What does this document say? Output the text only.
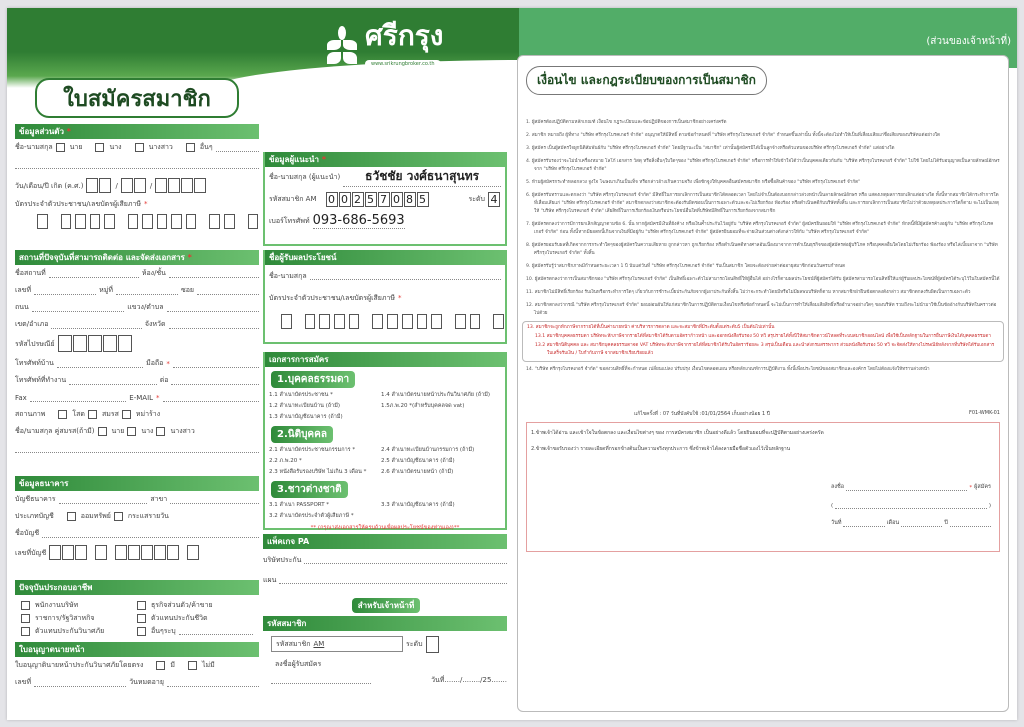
(ส่วนของเจ้าหน้าที่)
ศรีกรุง
www.srikrungbroker.co.th
ใบสมัครสมาชิก
ข้อมูลส่วนตัว *
ชื่อ-นามสกุล นาย	นาง	นางสาว	อื่นๆ
วัน/เดือน/ปี เกิด (ค.ศ.)	/	/
บัตรประจำตัวประชาชน/เลขบัตรผู้เสียภาษี *
สถานที่ปัจจุบันที่สามารถติดต่อ และจัดส่งเอกสาร *
ชื่อสถานที่	ห้อง/ชั้น
เลขที่	หมู่ที่	ซอย
ถนน	แขวง/ตำบล
เขต/อำเภอ	จังหวัด
รหัสไปรษณีย์
โทรศัพท์บ้าน	มือถือ *
โทรศัพท์ที่ทำงาน	ต่อ
Fax	E-MAIL *
สถานภาพ	โสด สมรส หม่าร้าง
ชื่อ/นามสกุล คู่สมรส(ถ้ามี) นาย นาง นางสาว
ข้อมูลธนาคาร
บัญชีธนาคาร	สาขา
ประเภทบัญชี	ออมทรัพย์ กระแสรายวัน
ชื่อบัญชี
เลขที่บัญชี
ปัจจุบันประกอบอาชีพ
พนักงานบริษัท	ธุรกิจส่วนตัว/ค้าขาย
ราชการ/รัฐวิสาหกิจ	ตัวแทนประกันชีวิต
ตัวแทนประกันวินาศภัย	อื่นๆระบุ
ใบอนุญาตนายหน้า
ใบอนุญาตินายหน้าประกันวินาศภัยโดยตรง	มี	ไม่มี
เลขที่	วันหมดอายุ
ข้อมูลผู้แนะนำ *
ชื่อ-นามสกุล (ผู้แนะนำ)	ธวัชชัย วงศ์ธนาสุนทร
รหัสสมาชิก AM 0 0 2 5 7 0 8 5	ระดับ 4
เบอร์โทรศัพท์ 093-686-5693
ชื่อผู้รับผลประโยชน์
ชื่อ-นามสกุล
บัตรประจำตัวประชาชน/เลขบัตรผู้เสียภาษี *
เอกสารการสมัคร
1.บุคคลธรรมดา
1.1 สำเนาบัตรประชาชน *	1.4 สำเนาบัตรนายหน้าประกันวินาศภัย (ถ้ามี)
1.2 สำเนาทะเบียนบ้าน (ถ้ามี)	1.5ภ.พ.20 *(สำหรับบุคคลจด vat)
1.3 สำเนาบัญชีธนาคาร (ถ้ามี)
2.นิติบุคคล
2.1 สำเนาบัตรประชาชนกรรมการ *	2.4 สำเนาทะเบียนบ้านกรรมการ (ถ้ามี)
2.2 ภ.พ.20 *	2.5 สำเนาบัญชีธนาคาร (ถ้ามี)
2.3 หนังสือรับรองบริษัท ไม่เกิน 3 เดือน *	2.6 สำเนาบัตรนายหน้า (ถ้ามี)
3.ชาวต่างชาติ
3.1 สำเนา PASSPORT *	3.3 สำเนาบัญชีธนาคาร (ถ้ามี)
3.2 สำเนาบัตรประจำตัวผู้เสียภาษี *
** (กรุณาส่งเอกสารให้ครบถ้วนเพื่อผลประโยชน์ของท่านเอง)**
แพ็คเกจ PA
บริษัทประกัน
แผน
สำหรับเจ้าหน้าที่
รหัสสมาชิก
รหัสสมาชิก AM	ระดับ
ลงชื่อผู้รับสมัคร
วันที่......./......../25.......
เงื่อนไข และกฎระเบียบของการเป็นสมาชิก
1. ผู้สมัครต้องปฏิบัติตามหลักเกณฑ์ เงื่อนไข กฎระเบียบและข้อปฏิบัติของการเป็นสมาชิกอย่างเคร่งครัด
2. สมาชิก หมายถึง ผู้ที่ทาง "บริษัท ศรีกรุงโบรคเกอร์ จำกัด" อนุญาตให้มีสิทธิ์ ตามข้อกำหนดที่ "บริษัท ศรีกรุงโบรคเกอร์ จำกัด" กำหนดขึ้นเท่านั้น ทั้งนี้จะต้องไม่ทำให้เป็นที่เสื่อมเสียแก่ชื่อเสียงของบริษัทแต่อย่างใด
3. ผู้สมัคร เป็นผู้สมัครใจผูกนิติสัมพันธ์กับ "บริษัท ศรีกรุงโบรคเกอร์ จำกัด" โดยมีฐานะเป็น "สมาชิก" เท่านั้นผู้สมัครมิได้เป็นลูกจ้างหรือตัวแทนของบริษัท ศรีกรุงโบรคเกอร์ จำกัด" แต่อย่างใด
4. ผู้สมัครรับรองว่าจะไม่นำเครื่องหมาย โลโก้ เอกสาร วัสดุ หรือสิ่งอื่นๆใบใดๆของ "บริษัท ศรีกรุงโบรคเกอร์ จำกัด" หรือการทำให้เข้าใจได้ว่าเป็นบุคคลเดียวกันกับ "บริษัท ศรีกรุงโบรคเกอร์ จำกัด" ไปใช้ โดยไม่ได้รับอนุญาตเป็นลายลักษณ์อักษรจาก "บริษัท ศรีกรุงโบรคเกอร์ จำกัด"
5. ห้ามผู้สมัครกระทำหลอกลวง จูงใจ โฆษณาเกินเป็นเท็จ หรือกล่าวอ้างเกินความจริง เพื่อชักจูงให้บุคคลอื่นสมัครสมาชิก หรือซื้อสินค้าของ "บริษัท ศรีกรุงโบรคเกอร์ จำกัด"
6. ผู้สมัครรับทราบและตกลงว่า "บริษัท ศรีกรุงโบรคเกอร์ จำกัด" มีสิทธิ์ในการยกเลิกการเป็นสมาชิกได้ตลอดเวลา โดยไม่จำเป็นต้องบอกกล่าวล่วงหน้าเป็นลายลักษณ์อักษร หรือ แสดงเหตุผลการยกเลิกแต่อย่างใด ทั้งนี้หากสมาชิกได้กระทำการใดที่เสื่อมเสียแก่ "บริษัท ศรีกรุงโบรคเกอร์ จำกัด" สมาชิกตกลงว่าสมาชิกจะต้องรับผิดชอบเป็นการเฉพาะตัวและจะไม่เรียกร้อง ฟ้องร้อง หรือดำเนินคดีกับบริษัททั้งสิ้น และการยกเลิกการเป็นสมาชิกไม่ว่าด้วยเหตุผลประการใดก็ตาม จะไม่เป็นเหตุให้ "บริษัท ศรีกรุงโบรคเกอร์ จำกัด" เสียสิทธิ์ในการเรียกร้องเงินหรือประโยชน์อื่นใดที่บริษัทมีสิทธิ์ในการเรียกร้องจากสมาชิก
7. ผู้สมัครตกลงว่าการมีการยกเลิกสัญญาตามข้อ 6. นั้น หากผู้สมัครมีเงินที่ยังค้าง หรือเงินค้ำประกันไว้อยู่กับ "บริษัท ศรีกรุงโบรคเกอร์ จำกัด" ผู้สมัครยินยอมให้ "บริษัท ศรีกรุงโบรคเกอร์ จำกัด" หักหนี้ที่มีผู้สมัครค้างอยู่กับ "บริษัท ศรีกรุงโบรคเกอร์ จำกัด" ก่อน ทั้งนี้หากมียอดหนี้เกินจากเงินที่มีอยู่กับ "บริษัท ศรีกรุงโบรคเกอร์ จำกัด" ผู้สมัครยินยอมที่จะจ่ายเงินส่วนต่างดังกล่าวให้กับ "บริษัท ศรีกรุงโบรคเกอร์ จำกัด"
8. ผู้สมัครยอมรับผลที่เกิดจากการกระทำใดๆของผู้สมัครในความเสียหาย ถูกกล่าวหา ถูกเรียกร้อง หรือดำเนินคดีทางศาลอันเนื่องมาจากการดำเนินธุรกิจของผู้สมัครต่อผู้บริโภค หรือบุคคลอื่นใดโดยไม่เรียกร้อง ฟ้องร้อง หรือไล่เบี้ยเอาจาก "บริษัท ศรีกรุงโบรคเกอร์ จำกัด" ทั้งสิ้น
9. ผู้สมัครรับรู้ว่าสมาชิกภาพมีกำหนดระยะเวลา 1 ปี นับแต่วันที่ "บริษัท ศรีกรุงโบรคเกอร์ จำกัด" รับเป็นสมาชิก โดยจะต้องจ่ายค่าต่ออายุสมาชิกก่อนวันครบกำหนด
10. ผู้สมัครตกลงว่าการเป็นสมาชิกของ "บริษัท ศรีกรุงโบรคเกอร์ จำกัด" เป็นสิทธิ์เฉพาะตัวไม่สามารถโอนสิทธิ์ให้ผู้อื่นได้ อย่างไรก็ตามผลประโยชน์ที่ผู้สมัครได้รับ ผู้สมัครสามารถโอนสิทธิ์ให้แก่ผู้รับผลประโยชน์ที่ผู้สมัครได้ระบุไว้ในใบสมัครนี้ได้
11. สมาชิกไม่มีสิทธิ์เรียกร้อง รับเงินหรือกระทำการใดๆ เกี่ยวกับการชำระเบี้ยประกันภัยจากผู้เอาประกันทั้งสิ้น ไม่ว่าจะกระทำโดยมีหรือไม่มีผลพบบริษัทก็ตาม หากสมาชิกฝ่าฝืนข้อตกลงดังกล่าว สมาชิกตกลงรับผิดเป็นการเฉพาะตัว
12. สมาชิกตกลงว่ากรณี "บริษัท ศรีกรุงโบรคเกอร์ จำกัด" ยอมผ่อนผันให้แก่สมาชิกในการปฏิบัติตามเงื่อนไขหรือข้อกำหนดนี้ จะไม่เป็นการทำให้เสื่อมเสียสิทธิ์หรืออำนาจอย่างใดๆ ของบริษัท รวมถึงจะไม่นำมาใช้เป็นข้ออ้างกับบริษัทในคราวต่อไปด้วย
13. สมาชิกจะถูกหักภาษีจากรายได้ที่เป็นค่านายหน้า ค่าบริหารการตลาด และจะสมาชิกที่มีระดับตั้งแต่ระดับ5 เป็นต้นไปเท่านั้น
13.1 สมาชิกบุคคลธรรมดา บริษัทจะหักภาษีจากรายได้ที่สมาชิกได้รับตามอัตราก้าวหน้า และออกหนังสือรับรอง 50 ทวิ สรุปรายได้ทั้งปีให้สมาชิกดาวน์โหลดที่ระบบสมาชิกออนไลน์ เพื่อใช้เป็นหลักฐานในการยื่นภาษีเงินได้บุคคลธรรมดา
13.2 สมาชิกนิติบุคคล และ สมาชิกบุคคลธรรมดาจด VAT บริษัทจะหักภาษีจากรายได้ที่สมาชิกได้รับในอัตราร้อยละ 3 สรุปเป็นเดือน และนำส่งกรมสรรพากร ส่วนหนังสือรับรอง 50 ทวิ จะจัดส่งให้ทางไปรษณีย์หลังจากที่บริษัทได้รับเอกสารใบเสร็จรับเงิน / ใบกำกับภาษี จากสมาชิกเรียบร้อยแล้ว
14. "บริษัท ศรีกรุงโบรคเกอร์ จำกัด" ขอสงวนสิทธิ์ที่จะกำหนด เปลี่ยนแปลง ปรับปรุง เงื่อนไขตลอดแผน หรือหลักเกณฑ์การปฏิบัติงาน ทั้งนี้เพื่อประโยชน์ของสมาชิกและองค์กร โดยไม่ต้องแจ้งให้ทราบล่วงหน้า
แก้ไขครั้งที่ : 07 วันที่บังคับใช้ :01/01/2564 เก็บอย่างน้อย 1 ปี	F01-WMK-01

1.ข้าพเจ้าได้อ่าน และเข้าใจในข้อตกลง และเงื่อนไขต่างๆ ของ การสมัครสมาชิก เป็นอย่างดีแล้ว โดยยินยอมที่จะปฏิบัติตามอย่างเคร่งครัด

2.ข้าพเจ้าขอรับรองว่า รายละเอียดที่กรอกข้างต้นเป็นความจริงทุกประการ ซึ่งข้าพเจ้าได้ลงลายมือชื่อตัวเองไว้เป็นหลักฐาน

ลงชื่อ	* ผู้สมัคร
(	)
วันที่	เดือน	ปี
